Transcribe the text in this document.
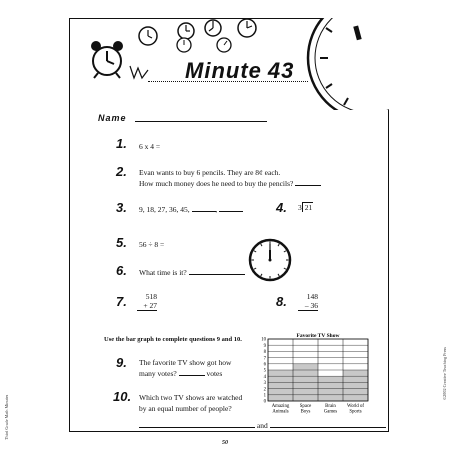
Minute 43
Name
1. 6 x 4 =
2. Evan wants to buy 6 pencils. They are 8¢ each.
How much money does he need to buy the pencils?
3. 9, 18, 27, 36, 45,	,	4. 3 21
5. 56 ÷ 8 =
6. What time is it?
7.	518
+ 27	8.	148
– 36
Use the bar graph to complete questions 9 and 10.
9. The favorite TV show got how
many votes?	votes
10. Which two TV shows are watched
by an equal number of people?
and
Favorite TV Show
0
1
2
3
4
5
6
7
8
9
10
Amazing
Animals
Space
Boys
Brain
Games
World of
Sports
50
©2002 Creative Teaching Press
Third Grade Math Minutes
